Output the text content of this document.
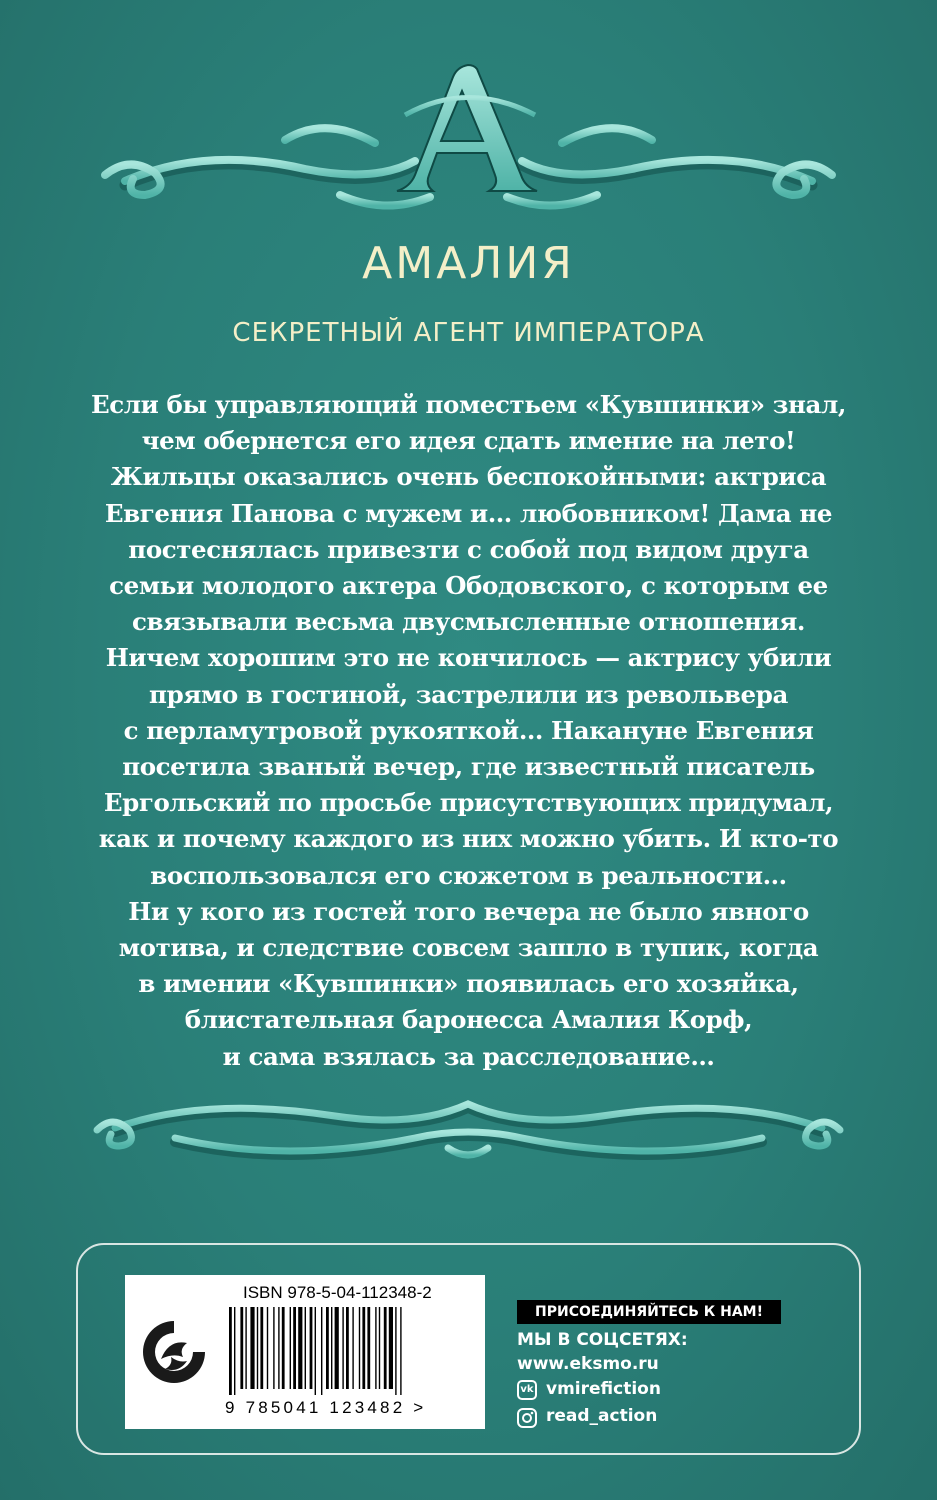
АМАЛИЯ
СЕКРЕТНЫЙ АГЕНТ ИМПЕРАТОРА
Если бы управляющий поместьем «Кувшинки» знал,
чем обернется его идея сдать имение на лето!
Жильцы оказались очень беспокойными: актриса
Евгения Панова с мужем и… любовником! Дама не
постеснялась привезти с собой под видом друга
семьи молодого актера Ободовского, с которым ее
связывали весьма двусмысленные отношения.
Ничем хорошим это не кончилось — актрису убили
прямо в гостиной, застрелили из револьвера
с перламутровой рукояткой… Накануне Евгения
посетила званый вечер, где известный писатель
Ергольский по просьбе присутствующих придумал,
как и почему каждого из них можно убить. И кто-то
воспользовался его сюжетом в реальности…
Ни у кого из гостей того вечера не было явного
мотива, и следствие совсем зашло в тупик, когда
в имении «Кувшинки» появилась его хозяйка,
блистательная баронесса Амалия Корф,
и сама взялась за расследование…
ISBN 978-5-04-112348-2
9 785041 123482 >
ПРИСОЕДИНЯЙТЕСЬ К НАМ!
МЫ В СОЦСЕТЯХ:
www.eksmo.ru
vk vmirefiction
read_action
